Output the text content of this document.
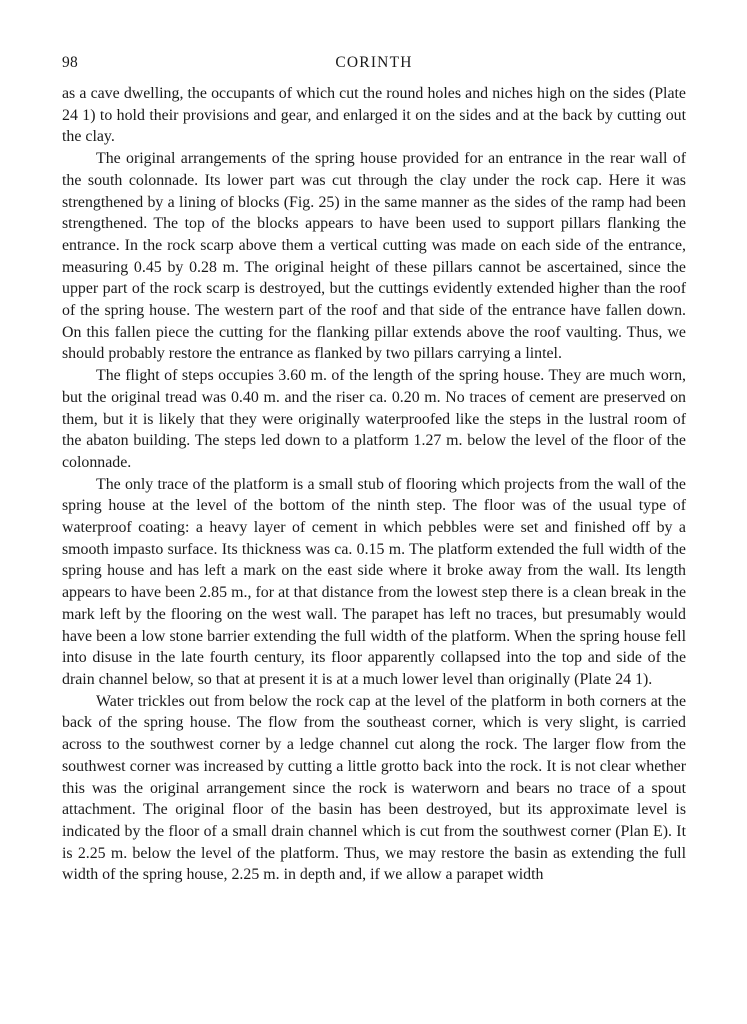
98	CORINTH

as a cave dwelling, the occupants of which cut the round holes and niches high on the sides (Plate 24 1) to hold their provisions and gear, and enlarged it on the sides and at the back by cutting out the clay.

The original arrangements of the spring house provided for an entrance in the rear wall of the south colonnade. Its lower part was cut through the clay under the rock cap. Here it was strengthened by a lining of blocks (Fig. 25) in the same manner as the sides of the ramp had been strengthened. The top of the blocks appears to have been used to support pillars flanking the entrance. In the rock scarp above them a vertical cutting was made on each side of the entrance, measuring 0.45 by 0.28 m. The original height of these pillars cannot be ascertained, since the upper part of the rock scarp is destroyed, but the cuttings evidently extended higher than the roof of the spring house. The western part of the roof and that side of the entrance have fallen down. On this fallen piece the cutting for the flanking pillar extends above the roof vaulting. Thus, we should probably restore the entrance as flanked by two pillars carrying a lintel.

The flight of steps occupies 3.60 m. of the length of the spring house. They are much worn, but the original tread was 0.40 m. and the riser ca. 0.20 m. No traces of cement are preserved on them, but it is likely that they were originally waterproofed like the steps in the lustral room of the abaton building. The steps led down to a platform 1.27 m. below the level of the floor of the colonnade.

The only trace of the platform is a small stub of flooring which projects from the wall of the spring house at the level of the bottom of the ninth step. The floor was of the usual type of waterproof coating: a heavy layer of cement in which pebbles were set and finished off by a smooth impasto surface. Its thickness was ca. 0.15 m. The platform extended the full width of the spring house and has left a mark on the east side where it broke away from the wall. Its length appears to have been 2.85 m., for at that distance from the lowest step there is a clean break in the mark left by the flooring on the west wall. The parapet has left no traces, but presumably would have been a low stone barrier extending the full width of the platform. When the spring house fell into disuse in the late fourth century, its floor apparently collapsed into the top and side of the drain channel below, so that at present it is at a much lower level than originally (Plate 24 1).

Water trickles out from below the rock cap at the level of the platform in both corners at the back of the spring house. The flow from the southeast corner, which is very slight, is carried across to the southwest corner by a ledge channel cut along the rock. The larger flow from the southwest corner was increased by cutting a little grotto back into the rock. It is not clear whether this was the original arrangement since the rock is waterworn and bears no trace of a spout attachment. The original floor of the basin has been destroyed, but its approximate level is indicated by the floor of a small drain channel which is cut from the southwest corner (Plan E). It is 2.25 m. below the level of the platform. Thus, we may restore the basin as extending the full width of the spring house, 2.25 m. in depth and, if we allow a parapet width
